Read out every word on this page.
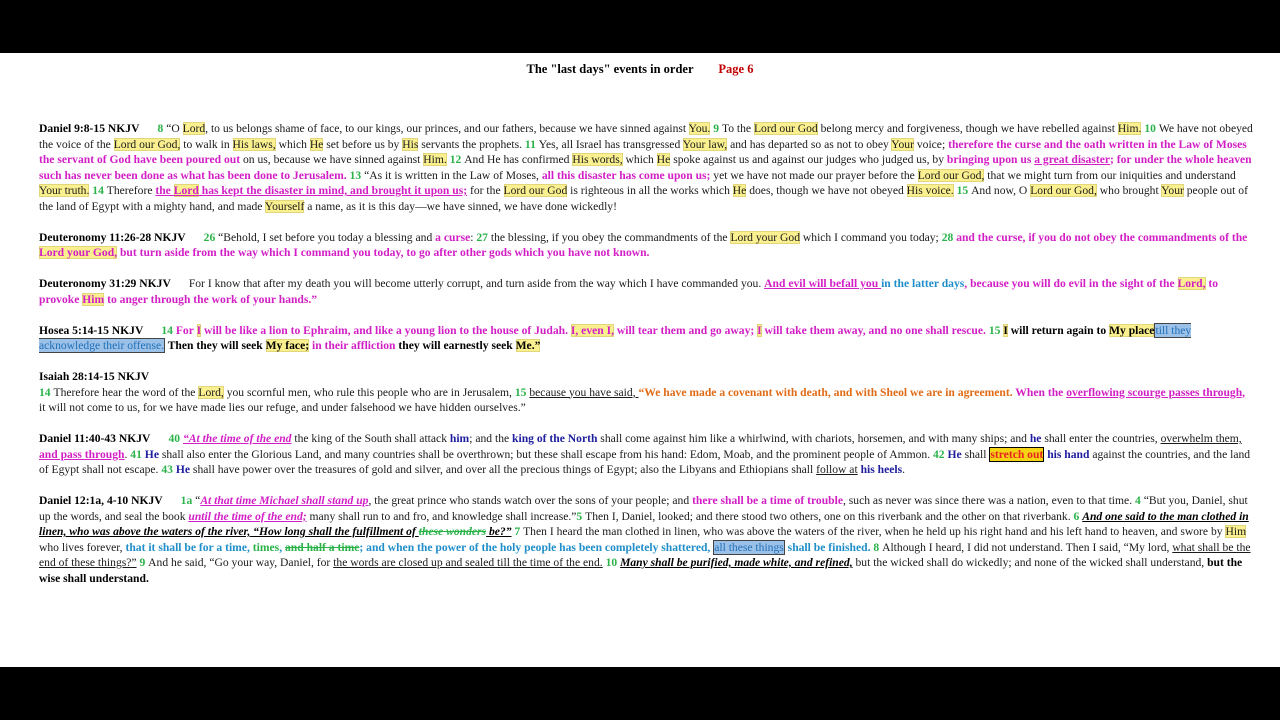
The "last days" events in order Page 6
Daniel 9:8-15 NKJV 8 “O Lord, to us belongs shame of face, to our kings, our princes, and our fathers, because we have sinned against You. 9 To the Lord our God belong mercy and forgiveness, though we have rebelled against Him. 10 We have not obeyed the voice of the Lord our God, to walk in His laws, which He set before us by His servants the prophets. 11 Yes, all Israel has transgressed Your law, and has departed so as not to obey Your voice; therefore the curse and the oath written in the Law of Moses the servant of God have been poured out on us, because we have sinned against Him. 12 And He has confirmed His words, which He spoke against us and against our judges who judged us, by bringing upon us a great disaster; for under the whole heaven such has never been done as what has been done to Jerusalem. 13 “As it is written in the Law of Moses, all this disaster has come upon us; yet we have not made our prayer before the Lord our God, that we might turn from our iniquities and understand Your truth. 14 Therefore the Lord has kept the disaster in mind, and brought it upon us; for the Lord our God is righteous in all the works which He does, though we have not obeyed His voice. 15 And now, O Lord our God, who brought Your people out of the land of Egypt with a mighty hand, and made Yourself a name, as it is this day—we have sinned, we have done wickedly!
Deuteronomy 11:26-28 NKJV 26 “Behold, I set before you today a blessing and a curse: 27 the blessing, if you obey the commandments of the Lord your God which I command you today; 28 and the curse, if you do not obey the commandments of the Lord your God, but turn aside from the way which I command you today, to go after other gods which you have not known.
Deuteronomy 31:29 NKJV For I know that after my death you will become utterly corrupt, and turn aside from the way which I have commanded you. And evil will befall you in the latter days, because you will do evil in the sight of the Lord, to provoke Him to anger through the work of your hands.”
Hosea 5:14-15 NKJV 14 For I will be like a lion to Ephraim, and like a young lion to the house of Judah. I, even I, will tear them and go away; I will take them away, and no one shall rescue. 15 I will return again to My placetill they acknowledge their offense. Then they will seek My face; in their affliction they will earnestly seek Me.”
Isaiah 28:14-15 NKJV
14 Therefore hear the word of the Lord, you scornful men, who rule this people who are in Jerusalem, 15 because you have said, “We have made a covenant with death, and with Sheol we are in agreement. When the overflowing scourge passes through, it will not come to us, for we have made lies our refuge, and under falsehood we have hidden ourselves.”
Daniel 11:40-43 NKJV 40 “At the time of the end the king of the South shall attack him; and the king of the North shall come against him like a whirlwind, with chariots, horsemen, and with many ships; and he shall enter the countries, overwhelm them, and pass through. 41 He shall also enter the Glorious Land, and many countries shall be overthrown; but these shall escape from his hand: Edom, Moab, and the prominent people of Ammon. 42 He shall stretch out his hand against the countries, and the land of Egypt shall not escape. 43 He shall have power over the treasures of gold and silver, and over all the precious things of Egypt; also the Libyans and Ethiopians shall follow at his heels.
Daniel 12:1a, 4-10 NKJV 1a “At that time Michael shall stand up, the great prince who stands watch over the sons of your people; and there shall be a time of trouble, such as never was since there was a nation, even to that time. 4 “But you, Daniel, shut up the words, and seal the book until the time of the end; many shall run to and fro, and knowledge shall increase.”5 Then I, Daniel, looked; and there stood two others, one on this riverbank and the other on that riverbank. 6 And one said to the man clothed in linen, who was above the waters of the river, “How long shall the fulfillment of these wonders be?” 7 Then I heard the man clothed in linen, who was above the waters of the river, when he held up his right hand and his left hand to heaven, and swore by Him who lives forever, that it shall be for a time, times, and half a time; and when the power of the holy people has been completely shattered, all these things shall be finished. 8 Although I heard, I did not understand. Then I said, “My lord, what shall be the end of these things?” 9 And he said, “Go your way, Daniel, for the words are closed up and sealed till the time of the end. 10 Many shall be purified, made white, and refined, but the wicked shall do wickedly; and none of the wicked shall understand, but the wise shall understand.
